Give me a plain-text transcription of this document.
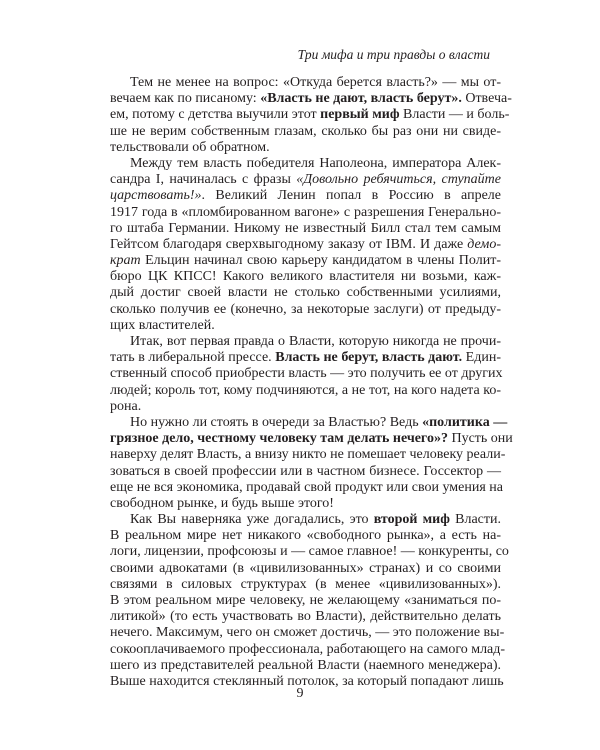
Три мифа и три правды о власти
Тем не менее на вопрос: «Откуда берется власть?» — мы от-
вечаем как по писаному: «Власть не дают, власть берут». Отвеча-
ем, потому с детства выучили этот первый миф Власти — и боль-
ше не верим собственным глазам, сколько бы раз они ни свиде-
тельствовали об обратном.
Между тем власть победителя Наполеона, императора Алек-
сандра I, начиналась с фразы «Довольно ребячиться, ступайте
царствовать!». Великий Ленин попал в Россию в апреле
1917 года в «пломбированном вагоне» с разрешения Генерально-
го штаба Германии. Никому не известный Билл стал тем самым
Гейтсом благодаря сверхвыгодному заказу от IBM. И даже демо-
крат Ельцин начинал свою карьеру кандидатом в члены Полит-
бюро ЦК КПСС! Какого великого властителя ни возьми, каж-
дый достиг своей власти не столько собственными усилиями,
сколько получив ее (конечно, за некоторые заслуги) от предыду-
щих властителей.
Итак, вот первая правда о Власти, которую никогда не прочи-
тать в либеральной прессе. Власть не берут, власть дают. Един-
ственный способ приобрести власть — это получить ее от других
людей; король тот, кому подчиняются, а не тот, на кого надета ко-
рона.
Но нужно ли стоять в очереди за Властью? Ведь «политика —
грязное дело, честному человеку там делать нечего»? Пусть они
наверху делят Власть, а внизу никто не помешает человеку реали-
зоваться в своей профессии или в частном бизнесе. Госсектор —
еще не вся экономика, продавай свой продукт или свои умения на
свободном рынке, и будь выше этого!
Как Вы наверняка уже догадались, это второй миф Власти.
В реальном мире нет никакого «свободного рынка», а есть на-
логи, лицензии, профсоюзы и — самое главное! — конкуренты, со
своими адвокатами (в «цивилизованных» странах) и со своими
связями в силовых структурах (в менее «цивилизованных»).
В этом реальном мире человеку, не желающему «заниматься по-
литикой» (то есть участвовать во Власти), действительно делать
нечего. Максимум, чего он сможет достичь, — это положение вы-
сокооплачиваемого профессионала, работающего на самого млад-
шего из представителей реальной Власти (наемного менеджера).
Выше находится стеклянный потолок, за который попадают лишь
9
